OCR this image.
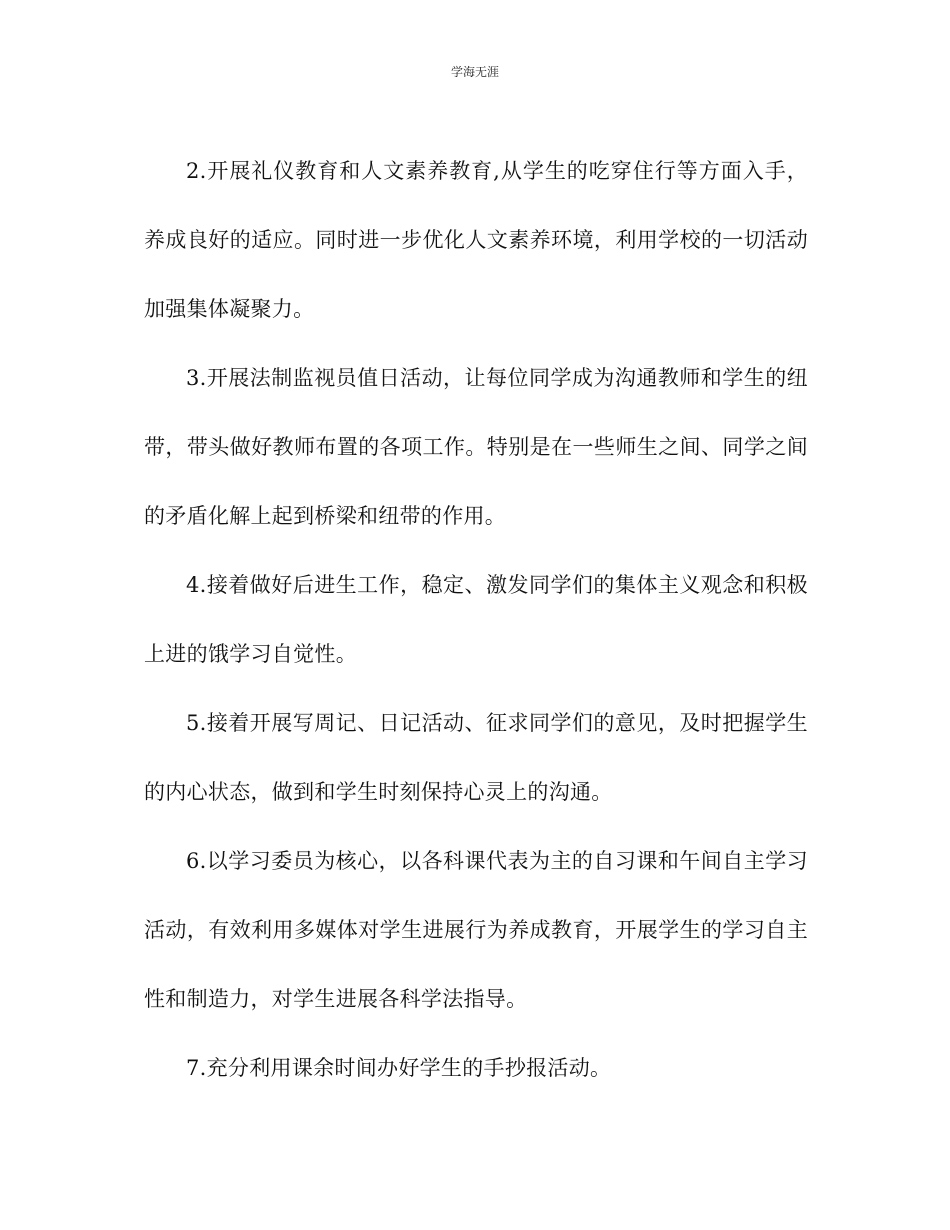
学海无涯

2.开展礼仪教育和人文素养教育,从学生的吃穿住行等方面入手，养成良好的适应。同时进一步优化人文素养环境，利用学校的一切活动加强集体凝聚力。

3.开展法制监视员值日活动，让每位同学成为沟通教师和学生的纽带，带头做好教师布置的各项工作。特别是在一些师生之间、同学之间的矛盾化解上起到桥梁和纽带的作用。

4.接着做好后进生工作，稳定、激发同学们的集体主义观念和积极上进的饿学习自觉性。

5.接着开展写周记、日记活动、征求同学们的意见，及时把握学生的内心状态，做到和学生时刻保持心灵上的沟通。

6.以学习委员为核心，以各科课代表为主的自习课和午间自主学习活动，有效利用多媒体对学生进展行为养成教育，开展学生的学习自主性和制造力，对学生进展各科学法指导。

7.充分利用课余时间办好学生的手抄报活动。
